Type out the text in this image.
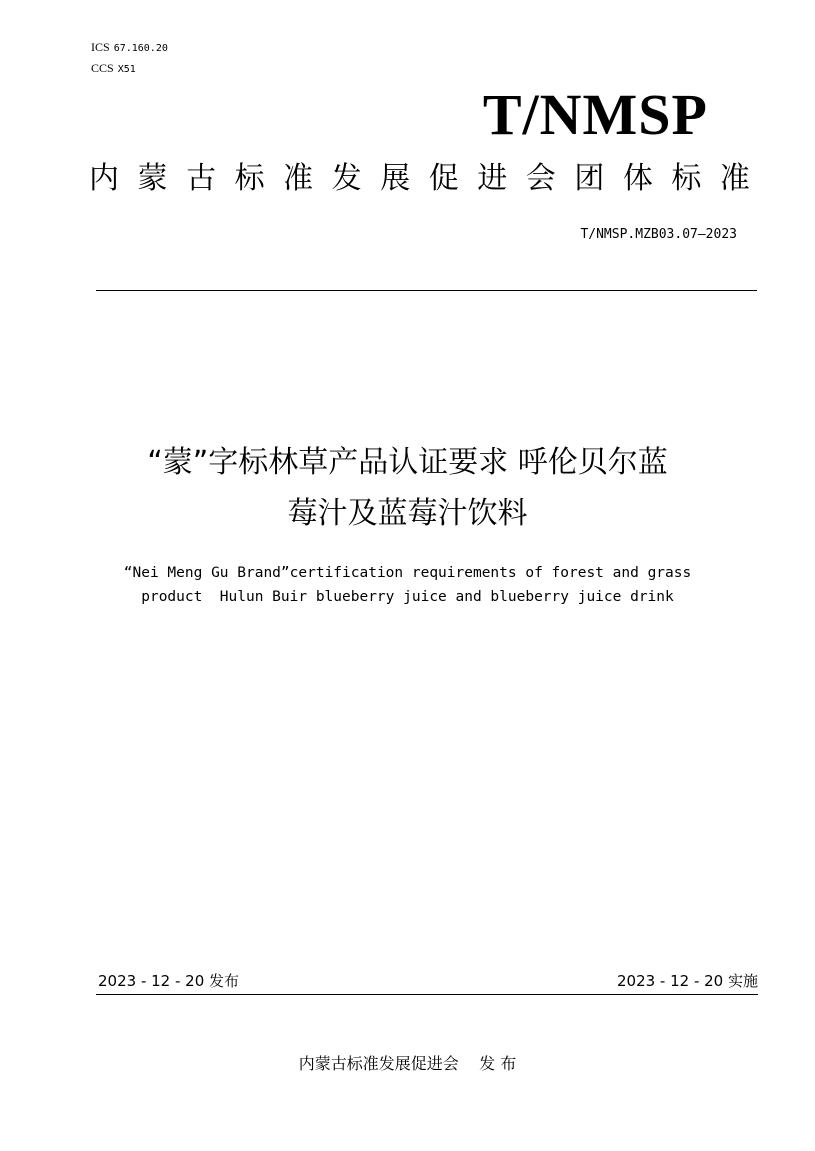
ICS 67.160.20
CCS X51
T/NMSP
内 蒙 古 标 准 发 展 促 进 会 团 体 标 准
T/NMSP.MZB03.07—2023
“蒙”字标林草产品认证要求 呼伦贝尔蓝
莓汁及蓝莓汁饮料
“Nei Meng Gu Brand”certification requirements of forest and grass
product  Hulun Buir blueberry juice and blueberry juice drink
2023 - 12 - 20 发布	2023 - 12 - 20 实施
内蒙古标准发展促进会    发 布
